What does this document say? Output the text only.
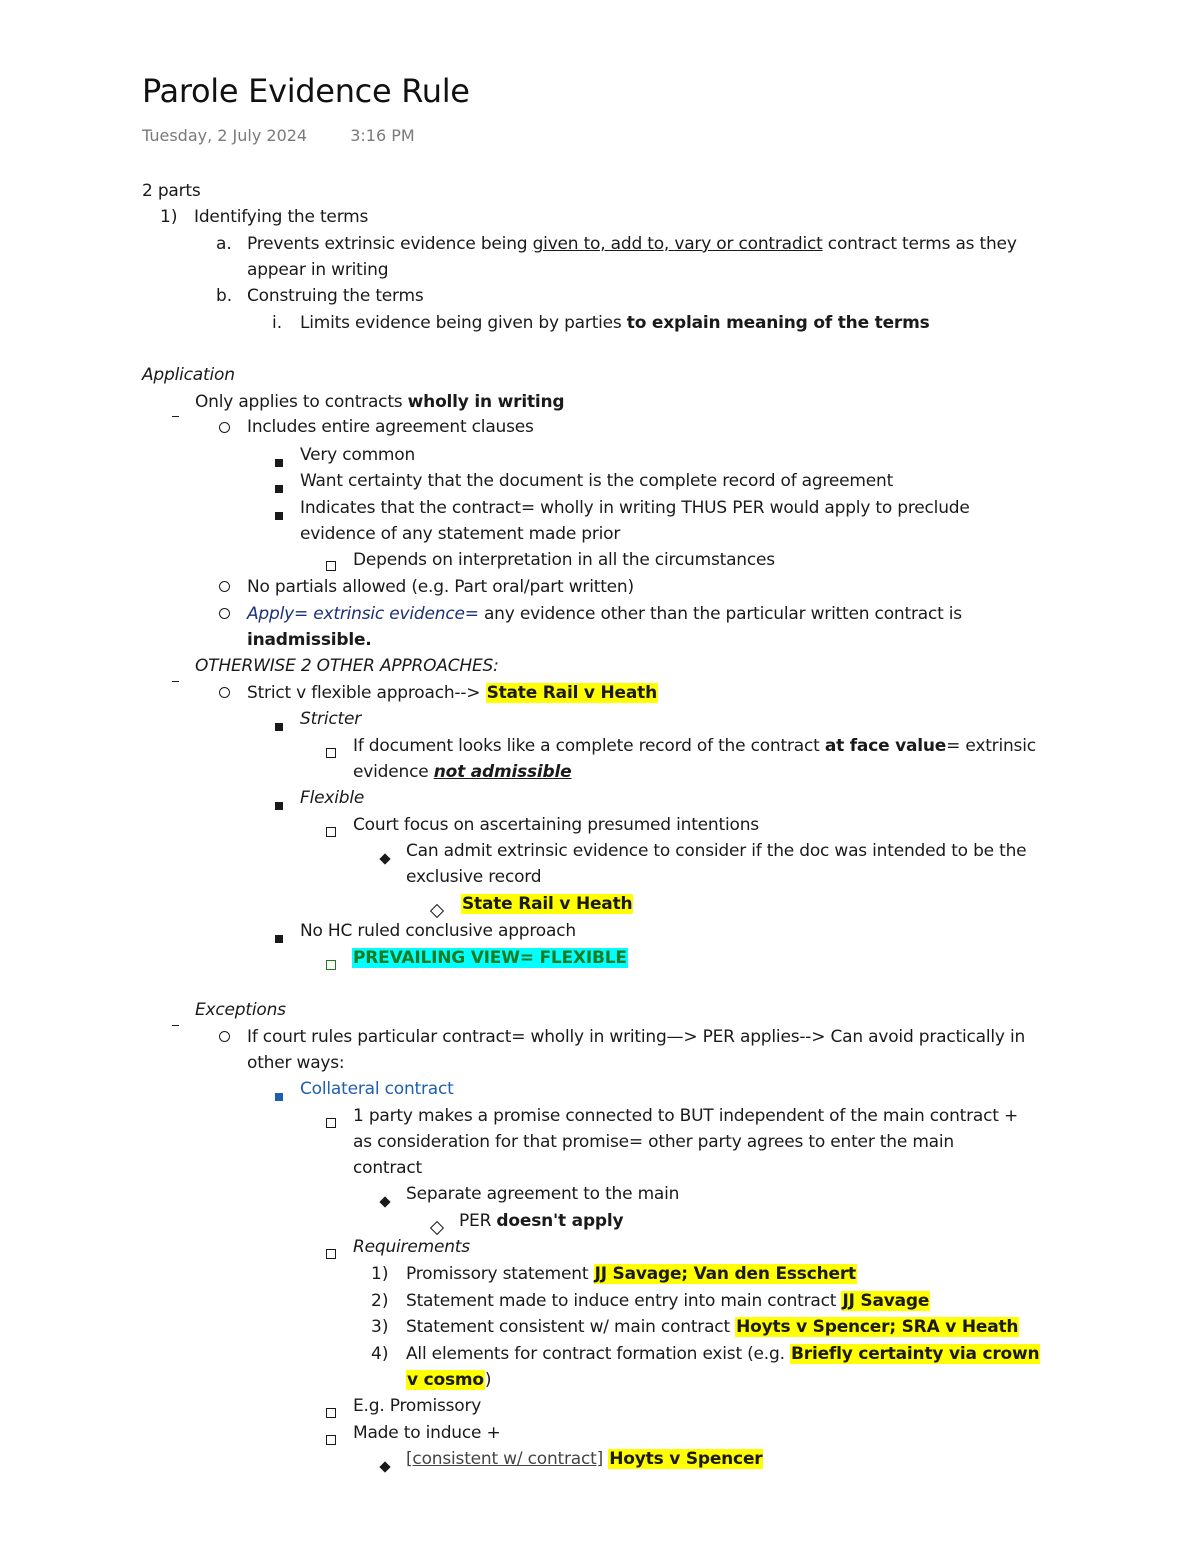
Parole Evidence Rule
Tuesday, 2 July 2024	3:16 PM
2 parts
1) Identifying the terms
a. Prevents extrinsic evidence being given to, add to, vary or contradict contract terms as they
appear in writing
b. Construing the terms
i. Limits evidence being given by parties to explain meaning of the terms
Application
Only applies to contracts wholly in writing
Includes entire agreement clauses
Very common
Want certainty that the document is the complete record of agreement
Indicates that the contract= wholly in writing THUS PER would apply to preclude
evidence of any statement made prior
Depends on interpretation in all the circumstances
No partials allowed (e.g. Part oral/part written)
Apply= extrinsic evidence= any evidence other than the particular written contract is
inadmissible.
OTHERWISE 2 OTHER APPROACHES:
Strict v flexible approach--> State Rail v Heath
Stricter
If document looks like a complete record of the contract at face value= extrinsic
evidence not admissible
Flexible
Court focus on ascertaining presumed intentions
Can admit extrinsic evidence to consider if the doc was intended to be the
exclusive record
State Rail v Heath
No HC ruled conclusive approach
PREVAILING VIEW= FLEXIBLE
Exceptions
If court rules particular contract= wholly in writing—> PER applies--> Can avoid practically in
other ways:
Collateral contract
1 party makes a promise connected to BUT independent of the main contract +
as consideration for that promise= other party agrees to enter the main
contract
Separate agreement to the main
PER doesn't apply
Requirements
1) Promissory statement JJ Savage; Van den Esschert
2) Statement made to induce entry into main contract JJ Savage
3) Statement consistent w/ main contract Hoyts v Spencer; SRA v Heath
4) All elements for contract formation exist (e.g. Briefly certainty via crown
v cosmo)
E.g. Promissory
Made to induce +
[consistent w/ contract] Hoyts v Spencer
